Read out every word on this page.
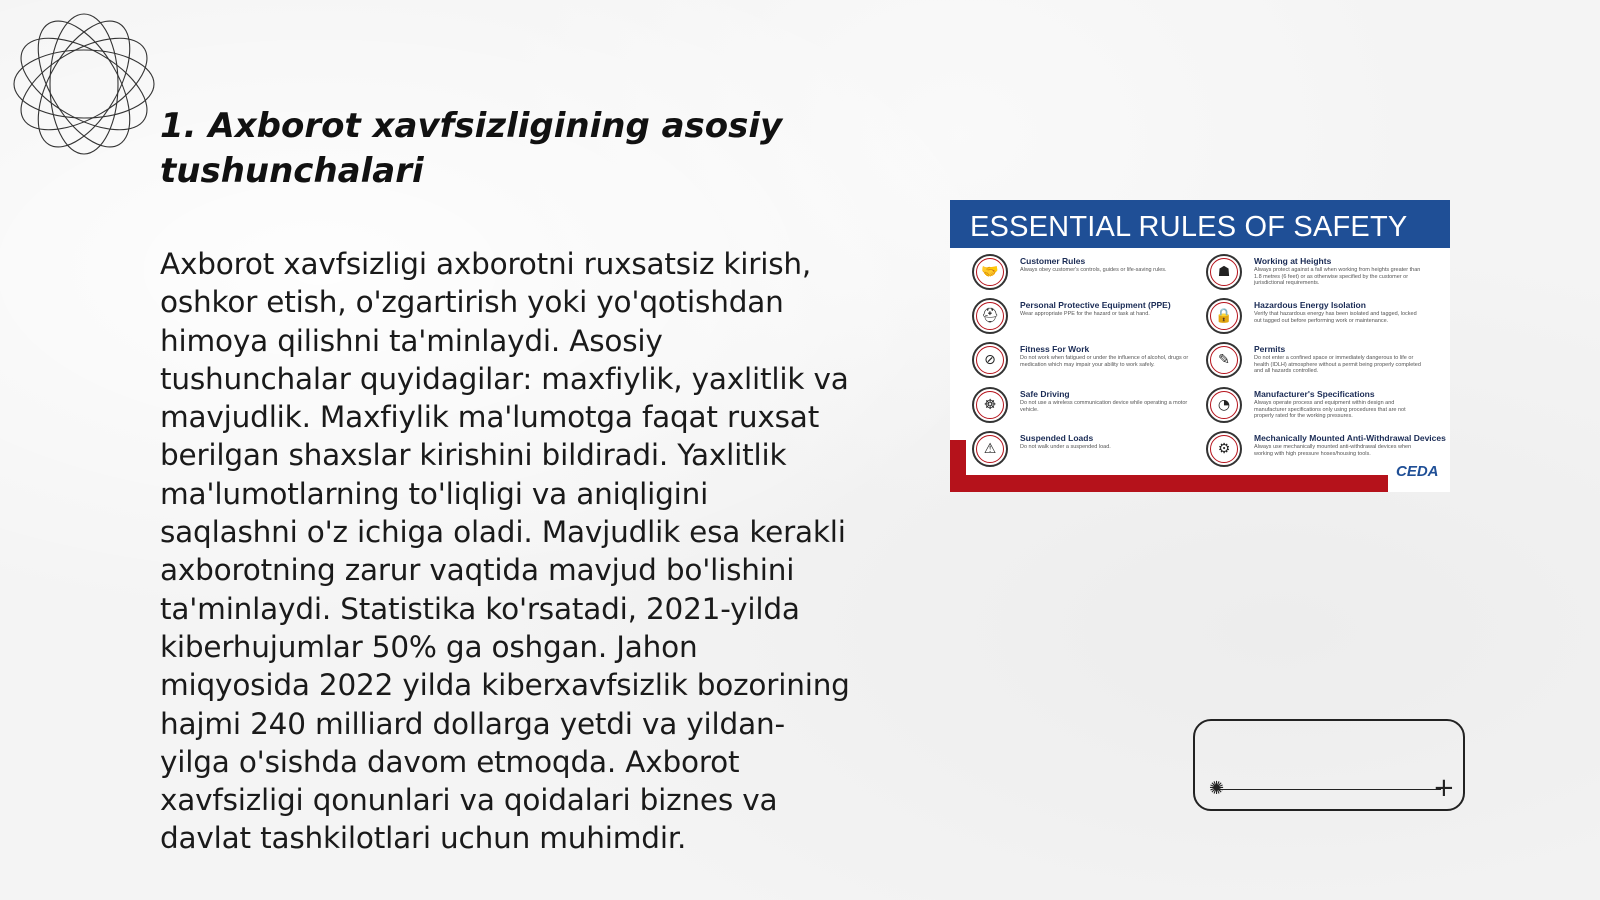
1. Axborot xavfsizligining asosiy
tushunchalari

Axborot xavfsizligi axborotni ruxsatsiz kirish, oshkor etish, o'zgartirish yoki yo'qotishdan himoya qilishni ta'minlaydi. Asosiy tushunchalar quyidagilar: maxfiylik, yaxlitlik va mavjudlik. Maxfiylik ma'lumotga faqat ruxsat berilgan shaxslar kirishini bildiradi. Yaxlitlik ma'lumotlarning to'liqligi va aniqligini saqlashni o'z ichiga oladi. Mavjudlik esa kerakli axborotning zarur vaqtida mavjud bo'lishini ta'minlaydi. Statistika ko'rsatadi, 2021-yilda kiberhujumlar 50% ga oshgan. Jahon miqyosida 2022 yilda kiberxavfsizlik bozorining hajmi 240 milliard dollarga yetdi va yildan-yilga o'sishda davom etmoqda. Axborot xavfsizligi qonunlari va qoidalari biznes va davlat tashkilotlari uchun muhimdir.

ESSENTIAL RULES OF SAFETY
🤝
Customer Rules
Always obey customer's controls, guides or life-saving rules.
⛑
Personal Protective Equipment (PPE)
Wear appropriate PPE for the hazard or task at hand.
⊘
Fitness For Work
Do not work when fatigued or under the influence of alcohol, drugs or medication which may impair your ability to work safely.
☸
Safe Driving
Do not use a wireless communication device while operating a motor vehicle.
⚠
Suspended Loads
Do not walk under a suspended load.
☗
Working at Heights
Always protect against a fall when working from heights greater than 1.8 metres (6 feet) or as otherwise specified by the customer or jurisdictional requirements.
🔒
Hazardous Energy Isolation
Verify that hazardous energy has been isolated and tagged, locked out tagged out before performing work or maintenance.
✎
Permits
Do not enter a confined space or immediately dangerous to life or health (IDLH) atmosphere without a permit being properly completed and all hazards controlled.
◔
Manufacturer's Specifications
Always operate process and equipment within design and manufacturer specifications only using procedures that are not properly rated for the working pressures.
⚙
Mechanically Mounted Anti-Withdrawal Devices
Always use mechanically mounted anti-withdrawal devices when working with high pressure hoses/housing tools.
CEDA
✺	+
